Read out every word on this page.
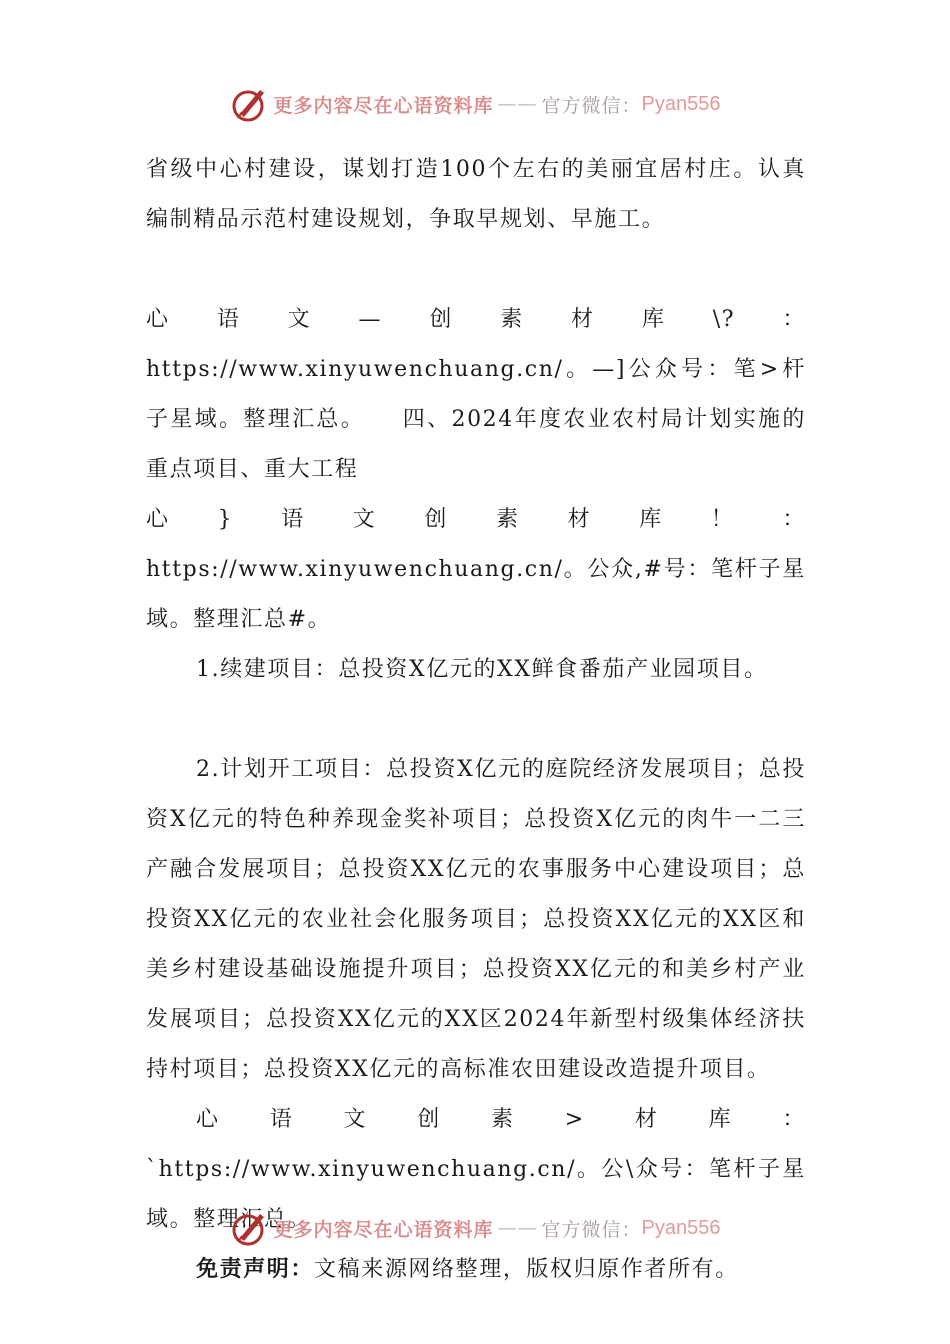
更多内容尽在心语资料库 —— 官方微信： Pyan556

省级中心村建设，谋划打造100个左右的美丽宜居村庄。认真编制精品示范村建设规划，争取早规划、早施工。

心语文—创素材库\?：https://www.xinyuwenchuang.cn/。—]公众号：笔>杆子星域。整理汇总。　　四、2024年度农业农村局计划实施的重点项目、重大工程

心}语文创素材库！：https://www.xinyuwenchuang.cn/。公众,#号：笔杆子星域。整理汇总#。

1.续建项目：总投资X亿元的XX鲜食番茄产业园项目。

2.计划开工项目：总投资X亿元的庭院经济发展项目；总投资X亿元的特色种养现金奖补项目；总投资X亿元的肉牛一二三产融合发展项目；总投资XX亿元的农事服务中心建设项目；总投资XX亿元的农业社会化服务项目；总投资XX亿元的XX区和美乡村建设基础设施提升项目；总投资XX亿元的和美乡村产业发展项目；总投资XX亿元的XX区2024年新型村级集体经济扶持村项目；总投资XX亿元的高标准农田建设改造提升项目。

心语文创素>材库：`https://www.xinyuwenchuang.cn/。公\众号：笔杆子星域。整理汇总。

免责声明：文稿来源网络整理，版权归原作者所有。

更多内容尽在心语资料库 —— 官方微信： Pyan556
